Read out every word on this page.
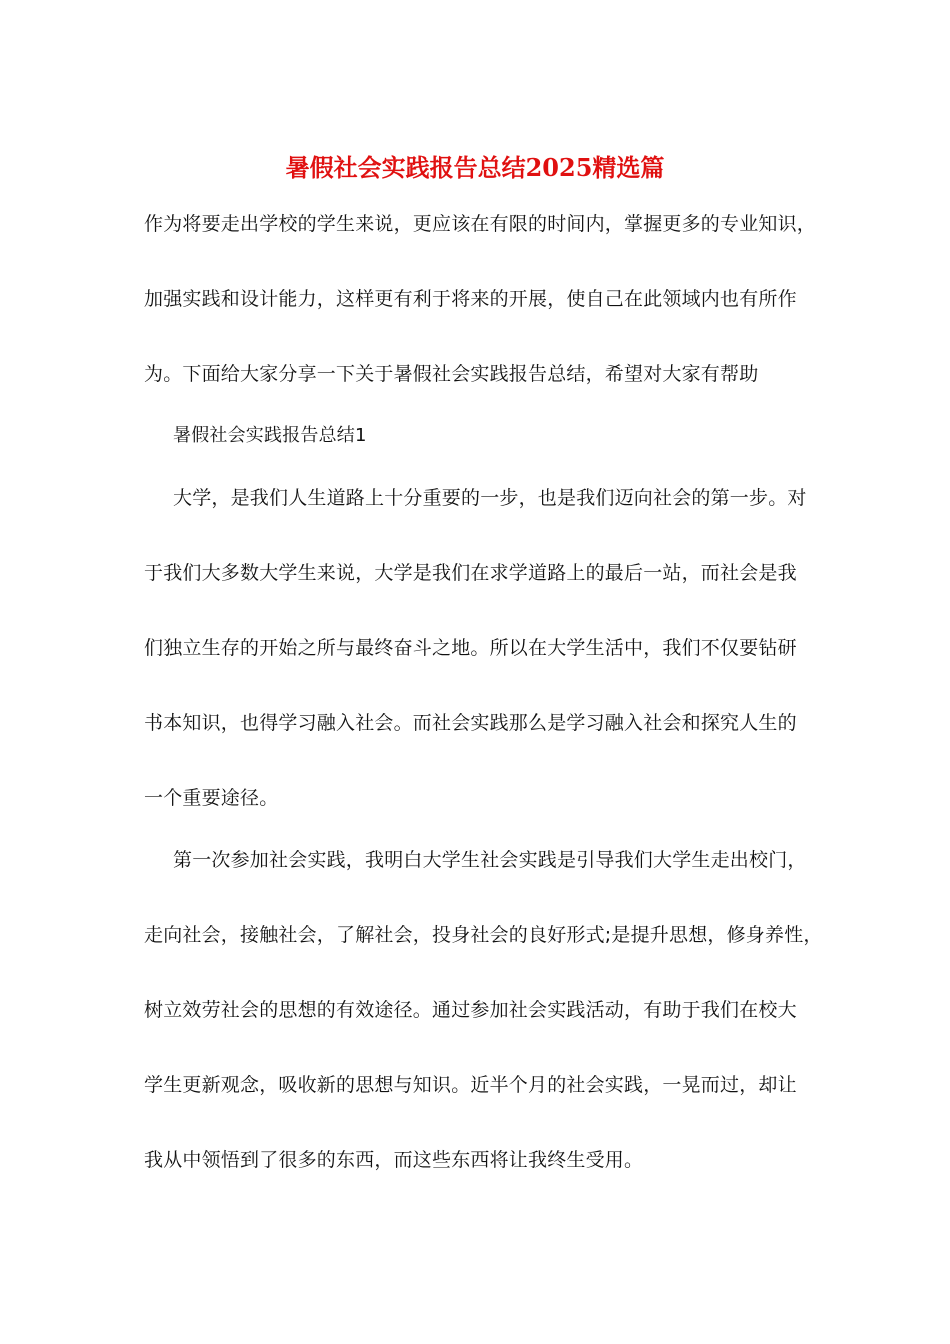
暑假社会实践报告总结2025精选篇
作为将要走出学校的学生来说，更应该在有限的时间内，掌握更多的专业知识，
加强实践和设计能力，这样更有利于将来的开展，使自己在此领域内也有所作
为。下面给大家分享一下关于暑假社会实践报告总结，希望对大家有帮助
暑假社会实践报告总结1
大学，是我们人生道路上十分重要的一步，也是我们迈向社会的第一步。对
于我们大多数大学生来说，大学是我们在求学道路上的最后一站，而社会是我
们独立生存的开始之所与最终奋斗之地。所以在大学生活中，我们不仅要钻研
书本知识，也得学习融入社会。而社会实践那么是学习融入社会和探究人生的
一个重要途径。
第一次参加社会实践，我明白大学生社会实践是引导我们大学生走出校门，
走向社会，接触社会，了解社会，投身社会的良好形式;是提升思想，修身养性，
树立效劳社会的思想的有效途径。通过参加社会实践活动，有助于我们在校大
学生更新观念，吸收新的思想与知识。近半个月的社会实践，一晃而过，却让
我从中领悟到了很多的东西，而这些东西将让我终生受用。
